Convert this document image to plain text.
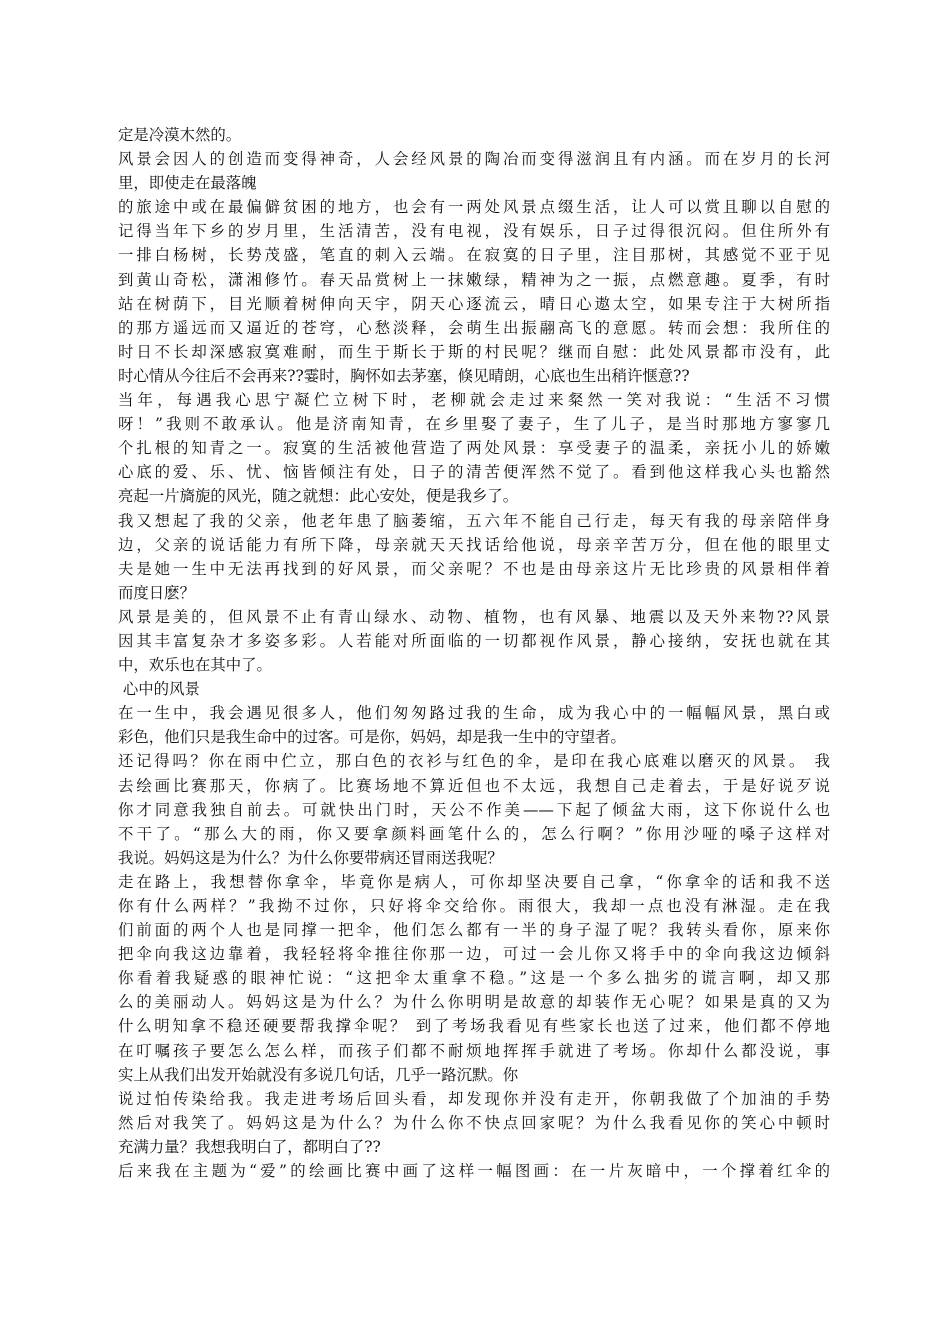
定是冷漠木然的。
风景会因人的创造而变得神奇，人会经风景的陶冶而变得滋润且有内涵。而在岁月的长河
里，即使走在最落魄
的旅途中或在最偏僻贫困的地方，也会有一两处风景点缀生活，让人可以赏且聊以自慰的
记得当年下乡的岁月里，生活清苦，没有电视，没有娱乐，日子过得很沉闷。但住所外有
一排白杨树，长势茂盛，笔直的刺入云端。在寂寞的日子里，注目那树，其感觉不亚于见
到黄山奇松，潇湘修竹。春天品赏树上一抹嫩绿，精神为之一振，点燃意趣。夏季，有时
站在树荫下，目光顺着树伸向天宇，阴天心逐流云，晴日心遨太空，如果专注于大树所指
的那方遥远而又逼近的苍穹，心愁淡释，会萌生出振翮高飞的意愿。转而会想：我所住的
时日不长却深感寂寞难耐，而生于斯长于斯的村民呢？继而自慰：此处风景都市没有，此
时心情从今往后不会再来??霎时，胸怀如去茅塞，倏见晴朗，心底也生出稍许惬意??
当年，每遇我心思宁凝伫立树下时，老柳就会走过来粲然一笑对我说：“生活不习惯
呀！”我则不敢承认。他是济南知青，在乡里娶了妻子，生了儿子，是当时那地方寥寥几
个扎根的知青之一。寂寞的生活被他营造了两处风景：享受妻子的温柔，亲抚小儿的娇嫩
心底的爱、乐、忧、恼皆倾注有处，日子的清苦便浑然不觉了。看到他这样我心头也豁然
亮起一片旖旎的风光，随之就想：此心安处，便是我乡了。
我又想起了我的父亲，他老年患了脑萎缩，五六年不能自己行走，每天有我的母亲陪伴身
边，父亲的说话能力有所下降，母亲就天天找话给他说，母亲辛苦万分，但在他的眼里丈
夫是她一生中无法再找到的好风景，而父亲呢？不也是由母亲这片无比珍贵的风景相伴着
而度日麽？
风景是美的，但风景不止有青山绿水、动物、植物，也有风暴、地震以及天外来物??风景
因其丰富复杂才多姿多彩。人若能对所面临的一切都视作风景，静心接纳，安抚也就在其
中，欢乐也在其中了。
心中的风景
在一生中，我会遇见很多人，他们匆匆路过我的生命，成为我心中的一幅幅风景，黑白或
彩色，他们只是我生命中的过客。可是你，妈妈，却是我一生中的守望者。
还记得吗？你在雨中伫立，那白色的衣衫与红色的伞，是印在我心底难以磨灭的风景。 我
去绘画比赛那天，你病了。比赛场地不算近但也不太远，我想自己走着去，于是好说歹说
你才同意我独自前去。可就快出门时，天公不作美——下起了倾盆大雨，这下你说什么也
不干了。“那么大的雨，你又要拿颜料画笔什么的，怎么行啊？”你用沙哑的嗓子这样对
我说。妈妈这是为什么？为什么你要带病还冒雨送我呢？
走在路上，我想替你拿伞，毕竟你是病人，可你却坚决要自己拿，“你拿伞的话和我不送
你有什么两样？”我拗不过你，只好将伞交给你。雨很大，我却一点也没有淋湿。走在我
们前面的两个人也是同撑一把伞，他们怎么都有一半的身子湿了呢？我转头看你，原来你
把伞向我这边靠着，我轻轻将伞推往你那一边，可过一会儿你又将手中的伞向我这边倾斜
你看着我疑惑的眼神忙说：“这把伞太重拿不稳。”这是一个多么拙劣的谎言啊，却又那
么的美丽动人。妈妈这是为什么？为什么你明明是故意的却装作无心呢？如果是真的又为
什么明知拿不稳还硬要帮我撑伞呢？ 到了考场我看见有些家长也送了过来，他们都不停地
在叮嘱孩子要怎么怎么样，而孩子们都不耐烦地挥挥手就进了考场。你却什么都没说，事
实上从我们出发开始就没有多说几句话，几乎一路沉默。你
说过怕传染给我。我走进考场后回头看，却发现你并没有走开，你朝我做了个加油的手势
然后对我笑了。妈妈这是为什么？为什么你不快点回家呢？为什么我看见你的笑心中顿时
充满力量？我想我明白了，都明白了??
后来我在主题为“爱”的绘画比赛中画了这样一幅图画：在一片灰暗中，一个撑着红伞的
